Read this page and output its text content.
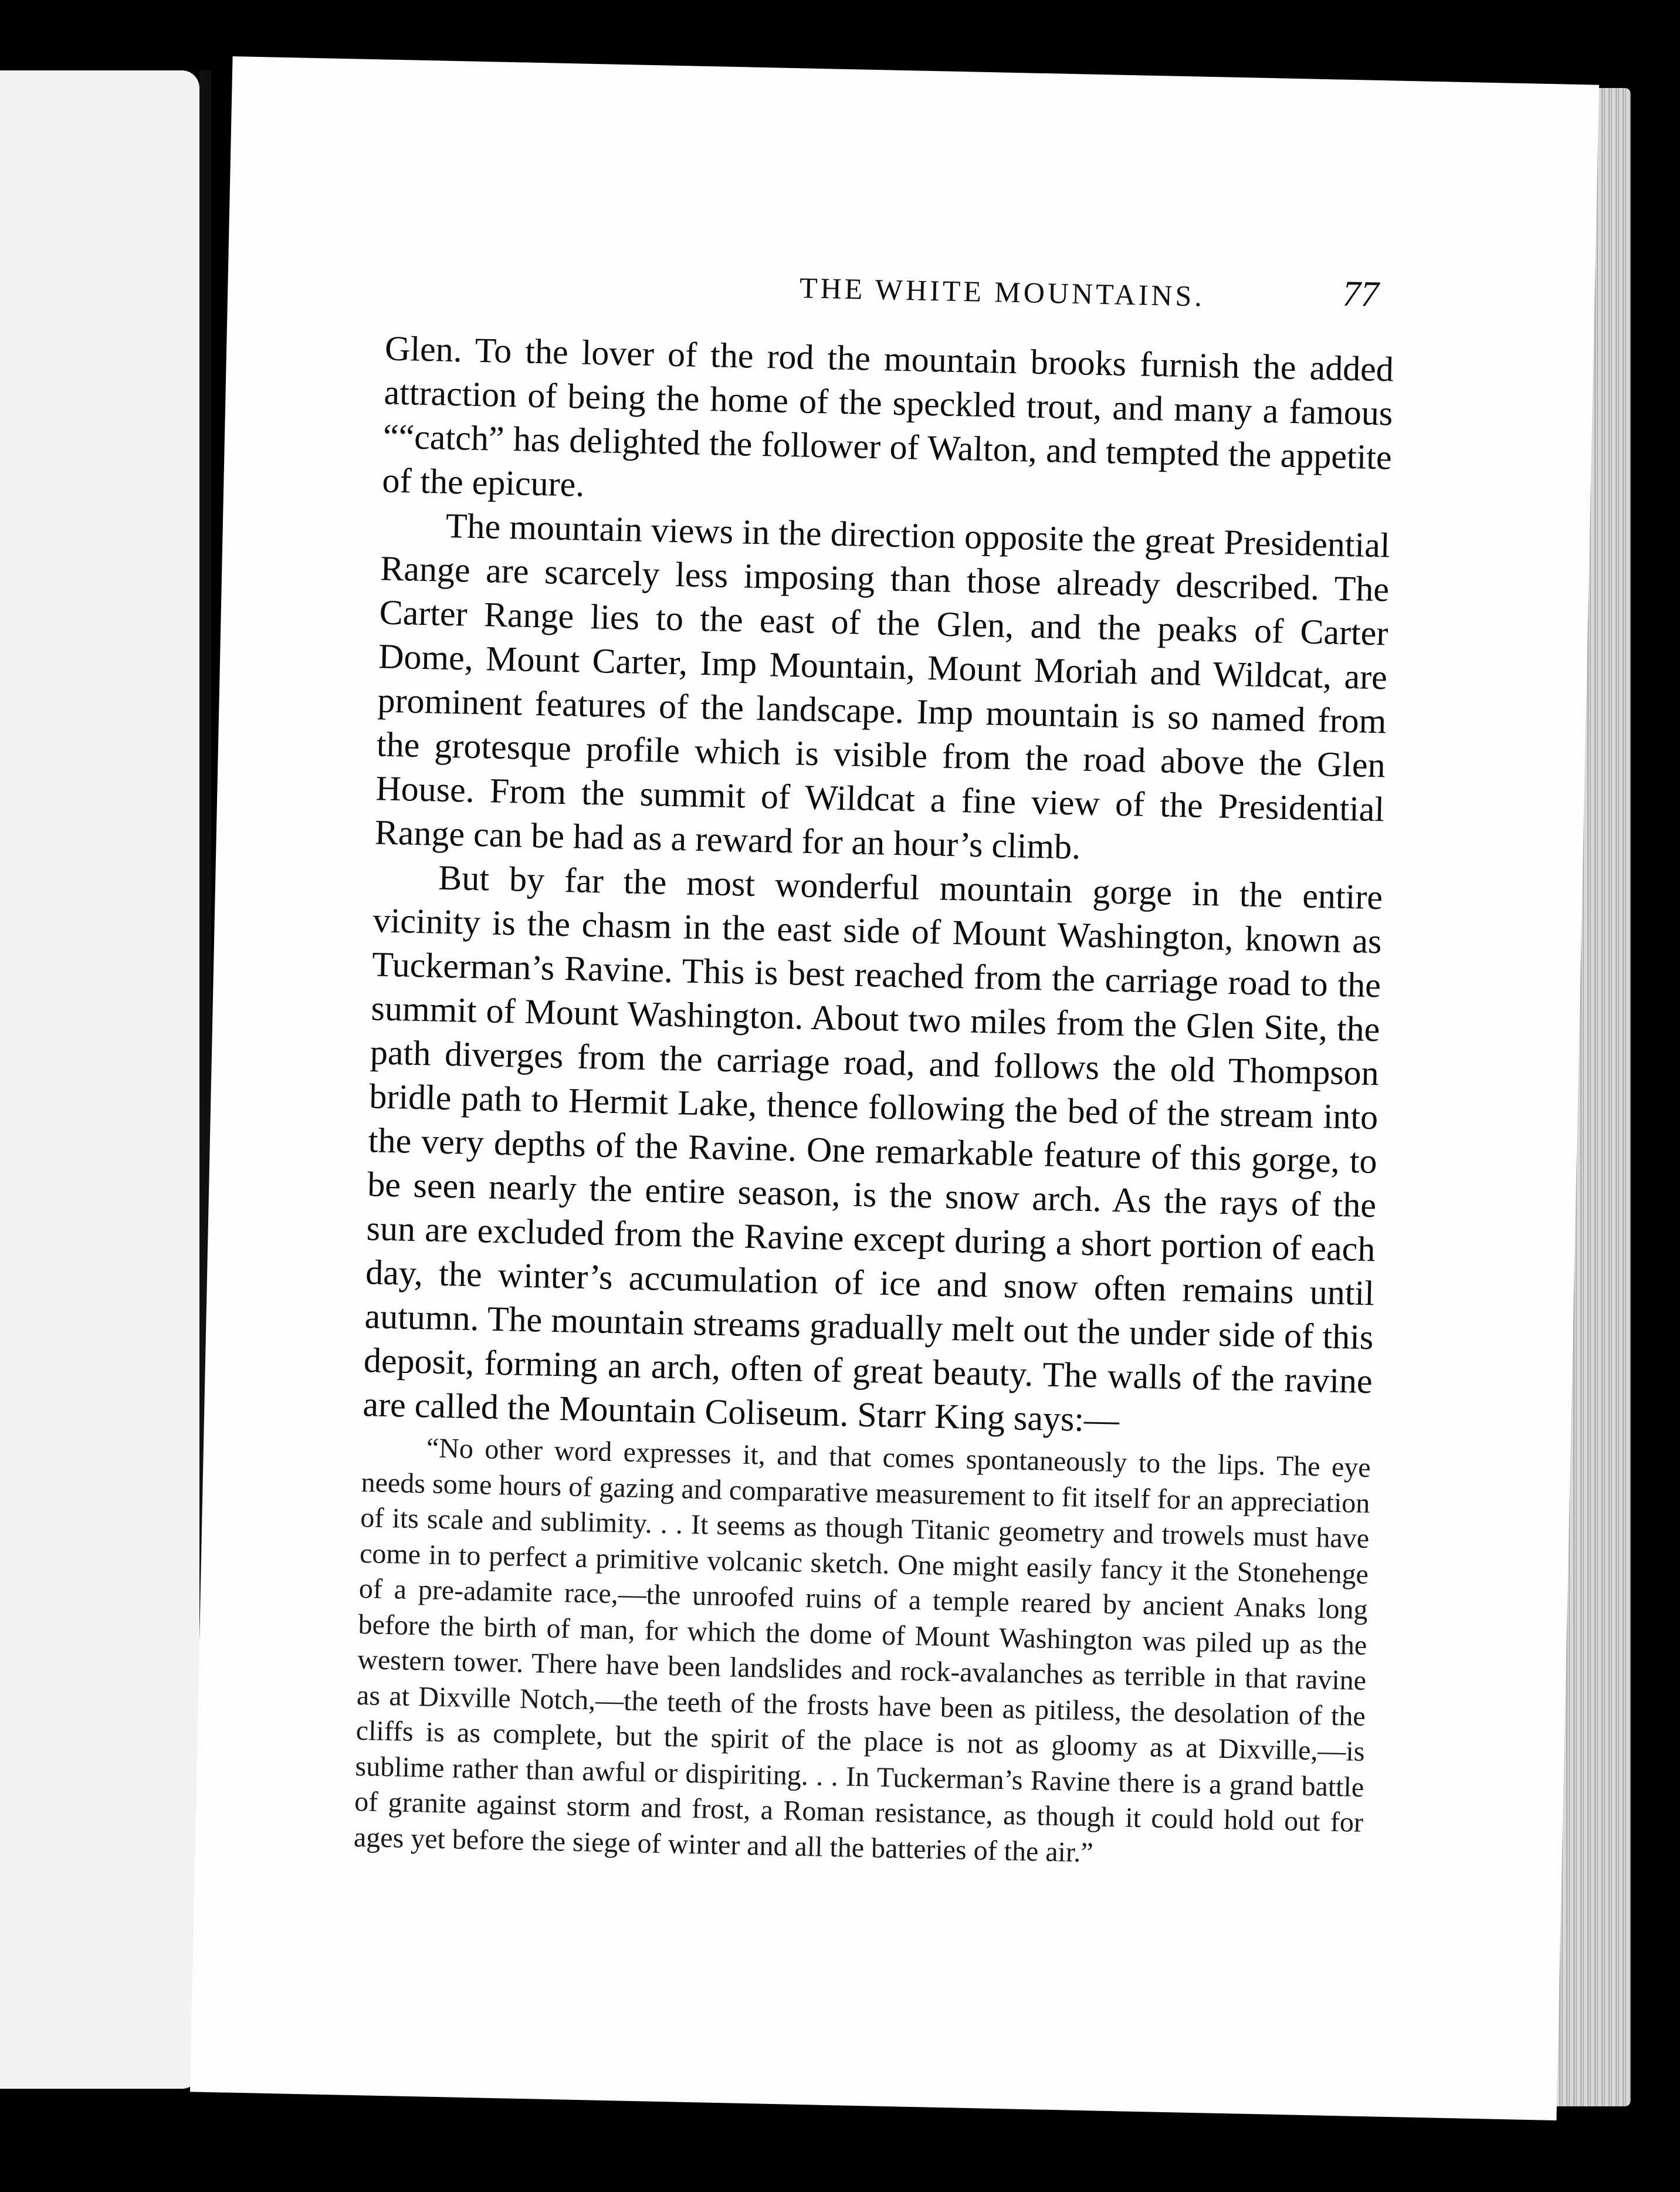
THE WHITE MOUNTAINS.	77

Glen. To the lover of the rod the mountain brooks furnish the added attraction of being the home of the speckled trout, and many a famous ““catch” has delighted the follower of Walton, and tempted the appetite of the epicure.

The mountain views in the direction opposite the great Presidential Range are scarcely less imposing than those already described. The Carter Range lies to the east of the Glen, and the peaks of Carter Dome, Mount Carter, Imp Mountain, Mount Moriah and Wildcat, are prominent features of the landscape. Imp mountain is so named from the grotesque profile which is visible from the road above the Glen House. From the summit of Wildcat a fine view of the Presidential Range can be had as a reward for an hour’s climb.

But by far the most wonderful mountain gorge in the entire vicinity is the chasm in the east side of Mount Washington, known as Tuckerman’s Ravine. This is best reached from the carriage road to the summit of Mount Washington. About two miles from the Glen Site, the path diverges from the carriage road, and follows the old Thompson bridle path to Hermit Lake, thence following the bed of the stream into the very depths of the Ravine. One remarkable feature of this gorge, to be seen nearly the entire season, is the snow arch. As the rays of the sun are excluded from the Ravine except during a short portion of each day, the winter’s accumulation of ice and snow often remains until autumn. The mountain streams gradually melt out the under side of this deposit, forming an arch, often of great beauty. The walls of the ravine are called the Mountain Coliseum. Starr King says:—

“No other word expresses it, and that comes spontaneously to the lips. The eye needs some hours of gazing and comparative measurement to fit itself for an appreciation of its scale and sublimity. . . It seems as though Titanic geometry and trowels must have come in to perfect a primitive volcanic sketch. One might easily fancy it the Stonehenge of a pre-adamite race,—the unroofed ruins of a temple reared by ancient Anaks long before the birth of man, for which the dome of Mount Washington was piled up as the western tower. There have been landslides and rock-avalanches as terrible in that ravine as at Dixville Notch,—the teeth of the frosts have been as pitiless, the desolation of the cliffs is as complete, but the spirit of the place is not as gloomy as at Dixville,—is sublime rather than awful or dispiriting. . . In Tuckerman’s Ravine there is a grand battle of granite against storm and frost, a Roman resistance, as though it could hold out for ages yet before the siege of winter and all the batteries of the air.”
